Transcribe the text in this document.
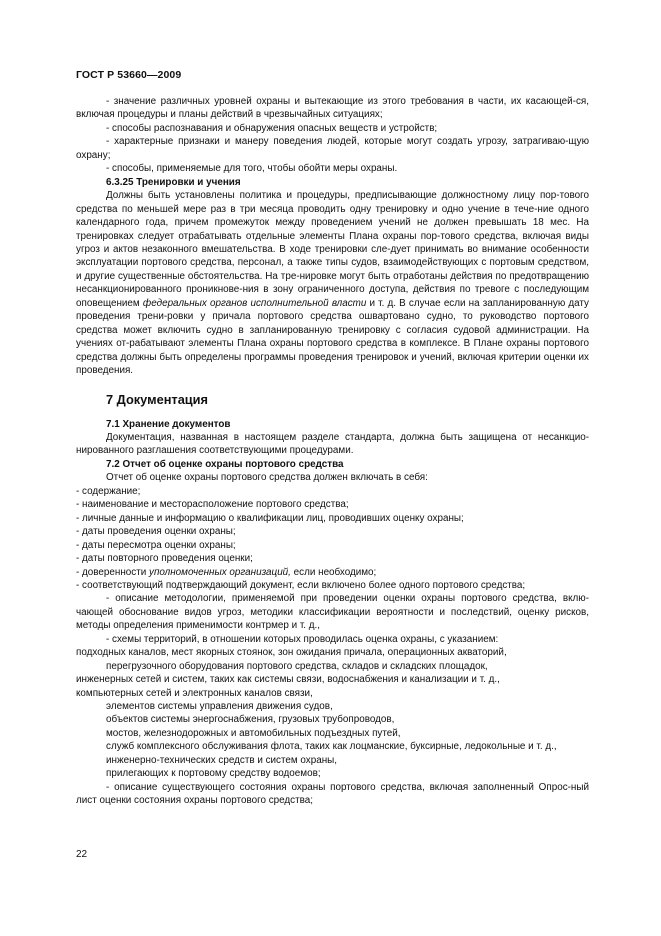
ГОСТ Р 53660—2009

- значение различных уровней охраны и вытекающие из этого требования в части, их касающей-ся, включая процедуры и планы действий в чрезвычайных ситуациях;

- способы распознавания и обнаружения опасных веществ и устройств;

- характерные признаки и манеру поведения людей, которые могут создать угрозу, затрагиваю-щую охрану;

- способы, применяемые для того, чтобы обойти меры охраны.

6.3.25 Тренировки и учения

Должны быть установлены политика и процедуры, предписывающие должностному лицу пор-тового средства по меньшей мере раз в три месяца проводить одну тренировку и одно учение в тече-ние одного календарного года, причем промежуток между проведением учений не должен превышать 18 мес. На тренировках следует отрабатывать отдельные элементы Плана охраны пор-тового средства, включая виды угроз и актов незаконного вмешательства. В ходе тренировки сле-дует принимать во внимание особенности эксплуатации портового средства, персонал, а также типы судов, взаимодействующих с портовым средством, и другие существенные обстоятельства. На тре-нировке могут быть отработаны действия по предотвращению несанкционированного проникнове-ния в зону ограниченного доступа, действия по тревоге с последующим оповещением федеральных органов исполнительной власти и т. д. В случае если на запланированную дату проведения трени-ровки у причала портового средства ошвартовано судно, то руководство портового средства может включить судно в запланированную тренировку с согласия судовой администрации. На учениях от-рабатывают элементы Плана охраны портового средства в комплексе. В Плане охраны портового средства должны быть определены программы проведения тренировок и учений, включая критерии оценки их проведения.

7 Документация

7.1 Хранение документов

Документация, названная в настоящем разделе стандарта, должна быть защищена от несанкцио-нированного разглашения соответствующими процедурами.

7.2 Отчет об оценке охраны портового средства

Отчет об оценке охраны портового средства должен включать в себя:

- содержание;

- наименование и месторасположение портового средства;

- личные данные и информацию о квалификации лиц, проводивших оценку охраны;

- даты проведения оценки охраны;

- даты пересмотра оценки охраны;

- даты повторного проведения оценки;

- доверенности уполномоченных организаций, если необходимо;

- соответствующий подтверждающий документ, если включено более одного портового средства;

- описание методологии, применяемой при проведении оценки охраны портового средства, вклю-чающей обоснование видов угроз, методики классификации вероятности и последствий, оценку рисков, методы определения применимости контрмер и т. д.,

- схемы территорий, в отношении которых проводилась оценка охраны, с указанием:

подходных каналов, мест якорных стоянок, зон ожидания причала, операционных акваторий,

перегрузочного оборудования портового средства, складов и складских площадок,

инженерных сетей и систем, таких как системы связи, водоснабжения и канализации и т. д.,

компьютерных сетей и электронных каналов связи,

элементов системы управления движения судов,

объектов системы энергоснабжения, грузовых трубопроводов,

мостов, железнодорожных и автомобильных подъездных путей,

служб комплексного обслуживания флота, таких как лоцманские, буксирные, ледокольные и т. д.,

инженерно-технических средств и систем охраны,

прилегающих к портовому средству водоемов;

- описание существующего состояния охраны портового средства, включая заполненный Опрос-ный лист оценки состояния охраны портового средства;

22
